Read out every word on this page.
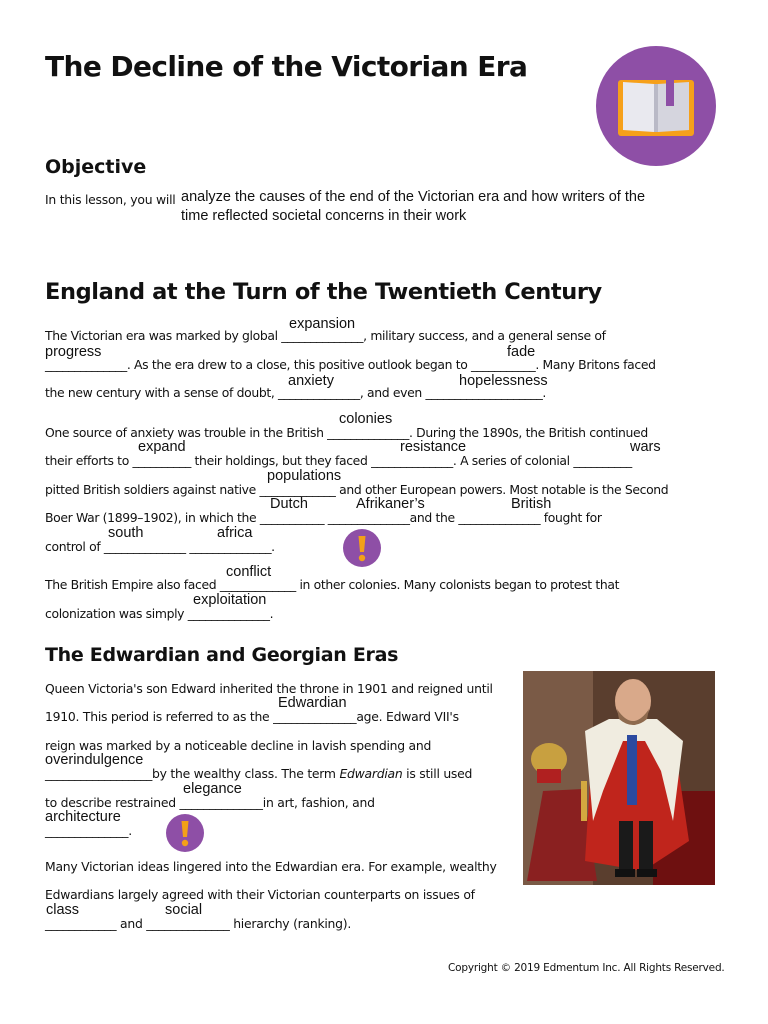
The Decline of the Victorian Era
Objective

In this lesson, you will analyze the causes of the end of the Victorian era and how writers of the
time reflected societal concerns in their work
England at the Turn of the Twentieth Century

The Victorian era was marked by global ______________, military success, and a general sense of

______________. As the era drew to a close, this positive outlook began to ___________. Many Britons faced

the new century with a sense of doubt, ______________, and even ____________________.

One source of anxiety was trouble in the British ______________. During the 1890s, the British continued

their efforts to __________ their holdings, but they faced ______________. A series of colonial __________

pitted British soldiers against native _____________ and other European powers. Most notable is the Second

Boer War (1899–1902), in which the ___________ ______________and the ______________ fought for

control of ______________ ______________.

The British Empire also faced _____________ in other colonies. Many colonists began to protest that

colonization was simply ______________.

expansion
progress	fade
anxiety	hopelessness
colonies
expand	resistance	wars
populations
Dutch	Afrikaner’s	British
south	africa
conflict
exploitation
The Edwardian and Georgian Eras

Queen Victoria's son Edward inherited the throne in 1901 and reigned until

1910. This period is referred to as the ______________age. Edward VII's

reign was marked by a noticeable decline in lavish spending and

__________________by the wealthy class. The term Edwardian is still used

to describe restrained ______________in art, fashion, and

______________.

Many Victorian ideas lingered into the Edwardian era. For example, wealthy

Edwardians largely agreed with their Victorian counterparts on issues of

____________ and ______________ hierarchy (ranking).

Edwardian
overindulgence
elegance
architecture
class	social

Copyright © 2019 Edmentum Inc. All Rights Reserved.
